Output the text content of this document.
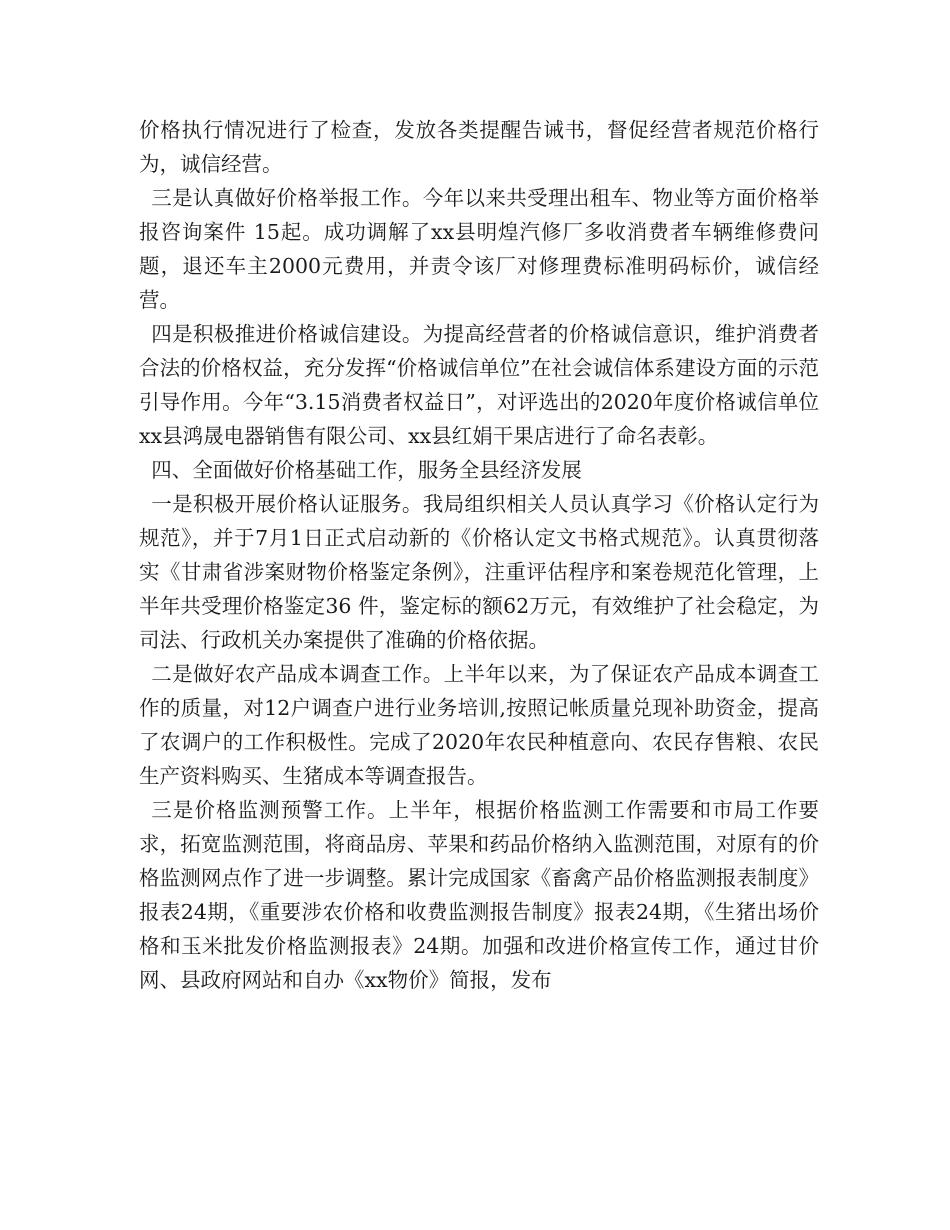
价格执行情况进行了检查，发放各类提醒告诫书，督促经营者规范价格行为，诚信经营。

三是认真做好价格举报工作。今年以来共受理出租车、物业等方面价格举报咨询案件 15起。成功调解了xx县明煌汽修厂多收消费者车辆维修费问题，退还车主2000元费用，并责令该厂对修理费标准明码标价，诚信经营。

四是积极推进价格诚信建设。为提高经营者的价格诚信意识，维护消费者合法的价格权益，充分发挥“价格诚信单位”在社会诚信体系建设方面的示范引导作用。今年“3.15消费者权益日”，对评选出的2020年度价格诚信单位xx县鸿晟电器销售有限公司、xx县红娟干果店进行了命名表彰。

四、全面做好价格基础工作，服务全县经济发展

一是积极开展价格认证服务。我局组织相关人员认真学习《价格认定行为规范》，并于7月1日正式启动新的《价格认定文书格式规范》。认真贯彻落实《甘肃省涉案财物价格鉴定条例》，注重评估程序和案卷规范化管理，上半年共受理价格鉴定36 件，鉴定标的额62万元，有效维护了社会稳定，为司法、行政机关办案提供了准确的价格依据。

二是做好农产品成本调查工作。上半年以来，为了保证农产品成本调查工作的质量，对12户调查户进行业务培训,按照记帐质量兑现补助资金，提高了农调户的工作积极性。完成了2020年农民种植意向、农民存售粮、农民生产资料购买、生猪成本等调查报告。

三是价格监测预警工作。上半年，根据价格监测工作需要和市局工作要求，拓宽监测范围，将商品房、苹果和药品价格纳入监测范围，对原有的价格监测网点作了进一步调整。累计完成国家《畜禽产品价格监测报表制度》报表24期，《重要涉农价格和收费监测报告制度》报表24期，《生猪出场价格和玉米批发价格监测报表》24期。加强和改进价格宣传工作，通过甘价网、县政府网站和自办《xx物价》简报，发布
